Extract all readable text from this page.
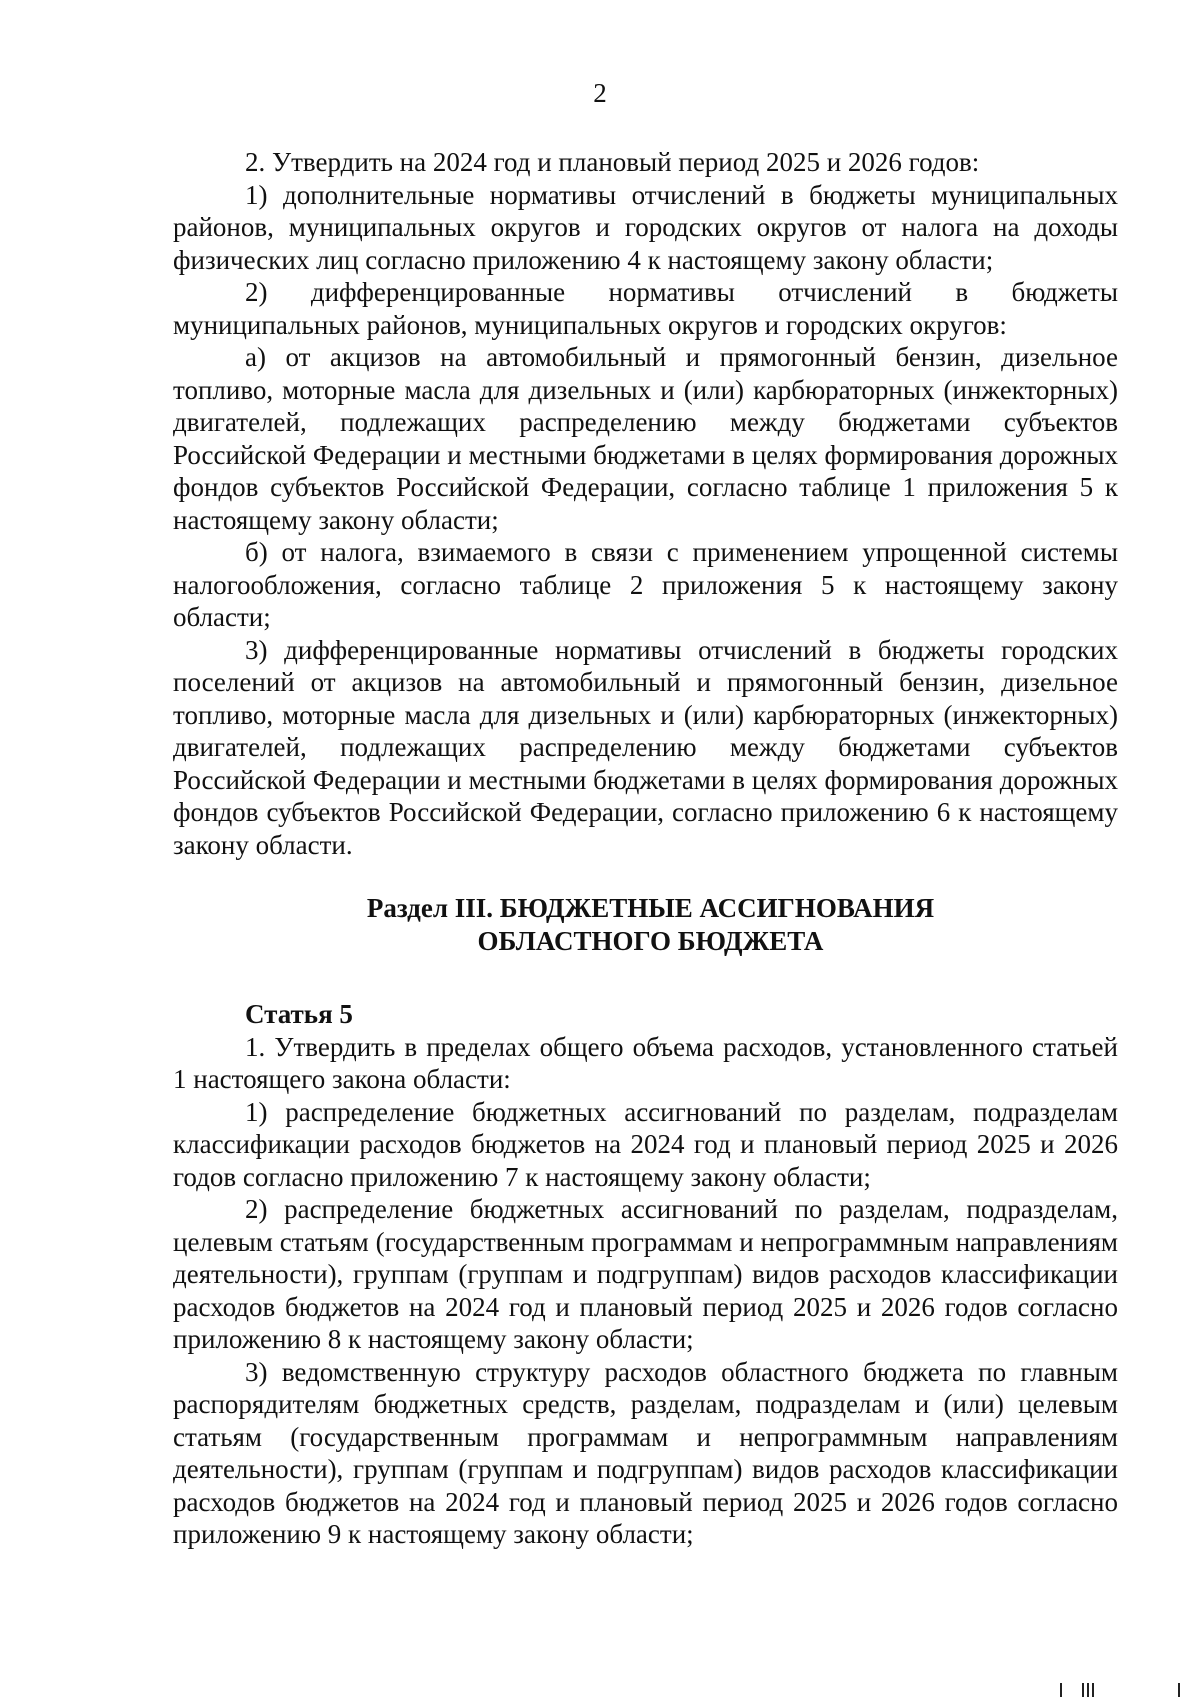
2

2. Утвердить на 2024 год и плановый период 2025 и 2026 годов:

1) дополнительные нормативы отчислений в бюджеты муниципальных районов, муниципальных округов и городских округов от налога на доходы физических лиц согласно приложению 4 к настоящему закону области;

2) дифференцированные нормативы отчислений в бюджеты муниципальных районов, муниципальных округов и городских округов:

а) от акцизов на автомобильный и прямогонный бензин, дизельное топливо, моторные масла для дизельных и (или) карбюраторных (инжекторных) двигателей, подлежащих распределению между бюджетами субъектов Российской Федерации и местными бюджетами в целях формирования дорожных фондов субъектов Российской Федерации, согласно таблице 1 приложения 5 к настоящему закону области;

б) от налога, взимаемого в связи с применением упрощенной системы налогообложения, согласно таблице 2 приложения 5 к настоящему закону области;

3) дифференцированные нормативы отчислений в бюджеты городских поселений от акцизов на автомобильный и прямогонный бензин, дизельное топливо, моторные масла для дизельных и (или) карбюраторных (инжекторных) двигателей, подлежащих распределению между бюджетами субъектов Российской Федерации и местными бюджетами в целях формирования дорожных фондов субъектов Российской Федерации, согласно приложению 6 к настоящему закону области.

Раздел III. БЮДЖЕТНЫЕ АССИГНОВАНИЯ
ОБЛАСТНОГО БЮДЖЕТА

Статья 5

1. Утвердить в пределах общего объема расходов, установленного статьей 1 настоящего закона области:

1) распределение бюджетных ассигнований по разделам, подразделам классификации расходов бюджетов на 2024 год и плановый период 2025 и 2026 годов согласно приложению 7 к настоящему закону области;

2) распределение бюджетных ассигнований по разделам, подразделам, целевым статьям (государственным программам и непрограммным направлениям деятельности), группам (группам и подгруппам) видов расходов классификации расходов бюджетов на 2024 год и плановый период 2025 и 2026 годов согласно приложению 8 к настоящему закону области;

3) ведомственную структуру расходов областного бюджета по главным распорядителям бюджетных средств, разделам, подразделам и (или) целевым статьям (государственным программам и непрограммным направлениям деятельности), группам (группам и подгруппам) видов расходов классификации расходов бюджетов на 2024 год и плановый период 2025 и 2026 годов согласно приложению 9 к настоящему закону области;
